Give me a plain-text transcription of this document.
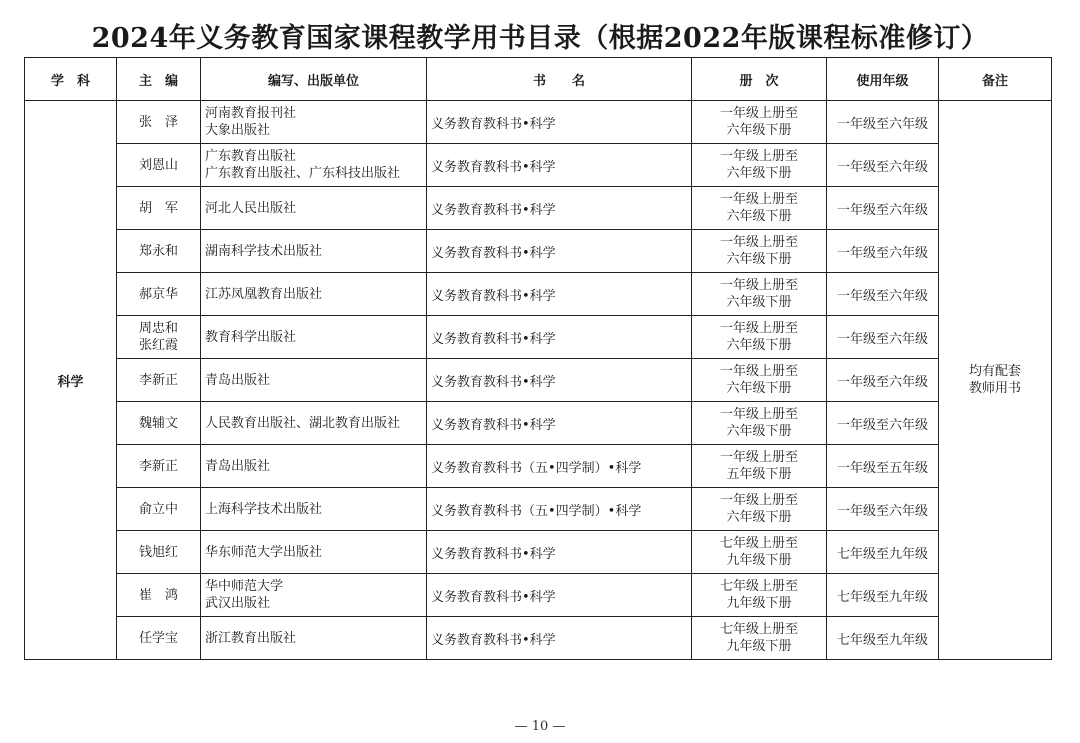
2024年义务教育国家课程教学用书目录（根据2022年版课程标准修订）
学　科	主　编	编写、出版单位	书　　名	册　次	使用年级	备注
科学	张　泽	河南教育报刊社
大象出版社	义务教育教科书•科学	一年级上册至
六年级下册	一年级至六年级	均有配套
教师用书

	刘恩山	广东教育出版社
广东教育出版社、广东科技出版社	义务教育教科书•科学	一年级上册至
六年级下册	一年级至六年级	

	胡　军	河北人民出版社	义务教育教科书•科学	一年级上册至
六年级下册	一年级至六年级	

	郑永和	湖南科学技术出版社	义务教育教科书•科学	一年级上册至
六年级下册	一年级至六年级	

	郝京华	江苏凤凰教育出版社	义务教育教科书•科学	一年级上册至
六年级下册	一年级至六年级	

	周忠和
张红霞	教育科学出版社	义务教育教科书•科学	一年级上册至
六年级下册	一年级至六年级	

	李新正	青岛出版社	义务教育教科书•科学	一年级上册至
六年级下册	一年级至六年级	

	魏辅文	人民教育出版社、湖北教育出版社	义务教育教科书•科学	一年级上册至
六年级下册	一年级至六年级	

	李新正	青岛出版社	义务教育教科书（五•四学制）•科学	一年级上册至
五年级下册	一年级至五年级	

	俞立中	上海科学技术出版社	义务教育教科书（五•四学制）•科学	一年级上册至
六年级下册	一年级至六年级	

	钱旭红	华东师范大学出版社	义务教育教科书•科学	七年级上册至
九年级下册	七年级至九年级	

	崔　鸿	华中师范大学
武汉出版社	义务教育教科书•科学	七年级上册至
九年级下册	七年级至九年级	

	任学宝	浙江教育出版社	义务教育教科书•科学	七年级上册至
九年级下册	七年级至九年级	
— 10 —
